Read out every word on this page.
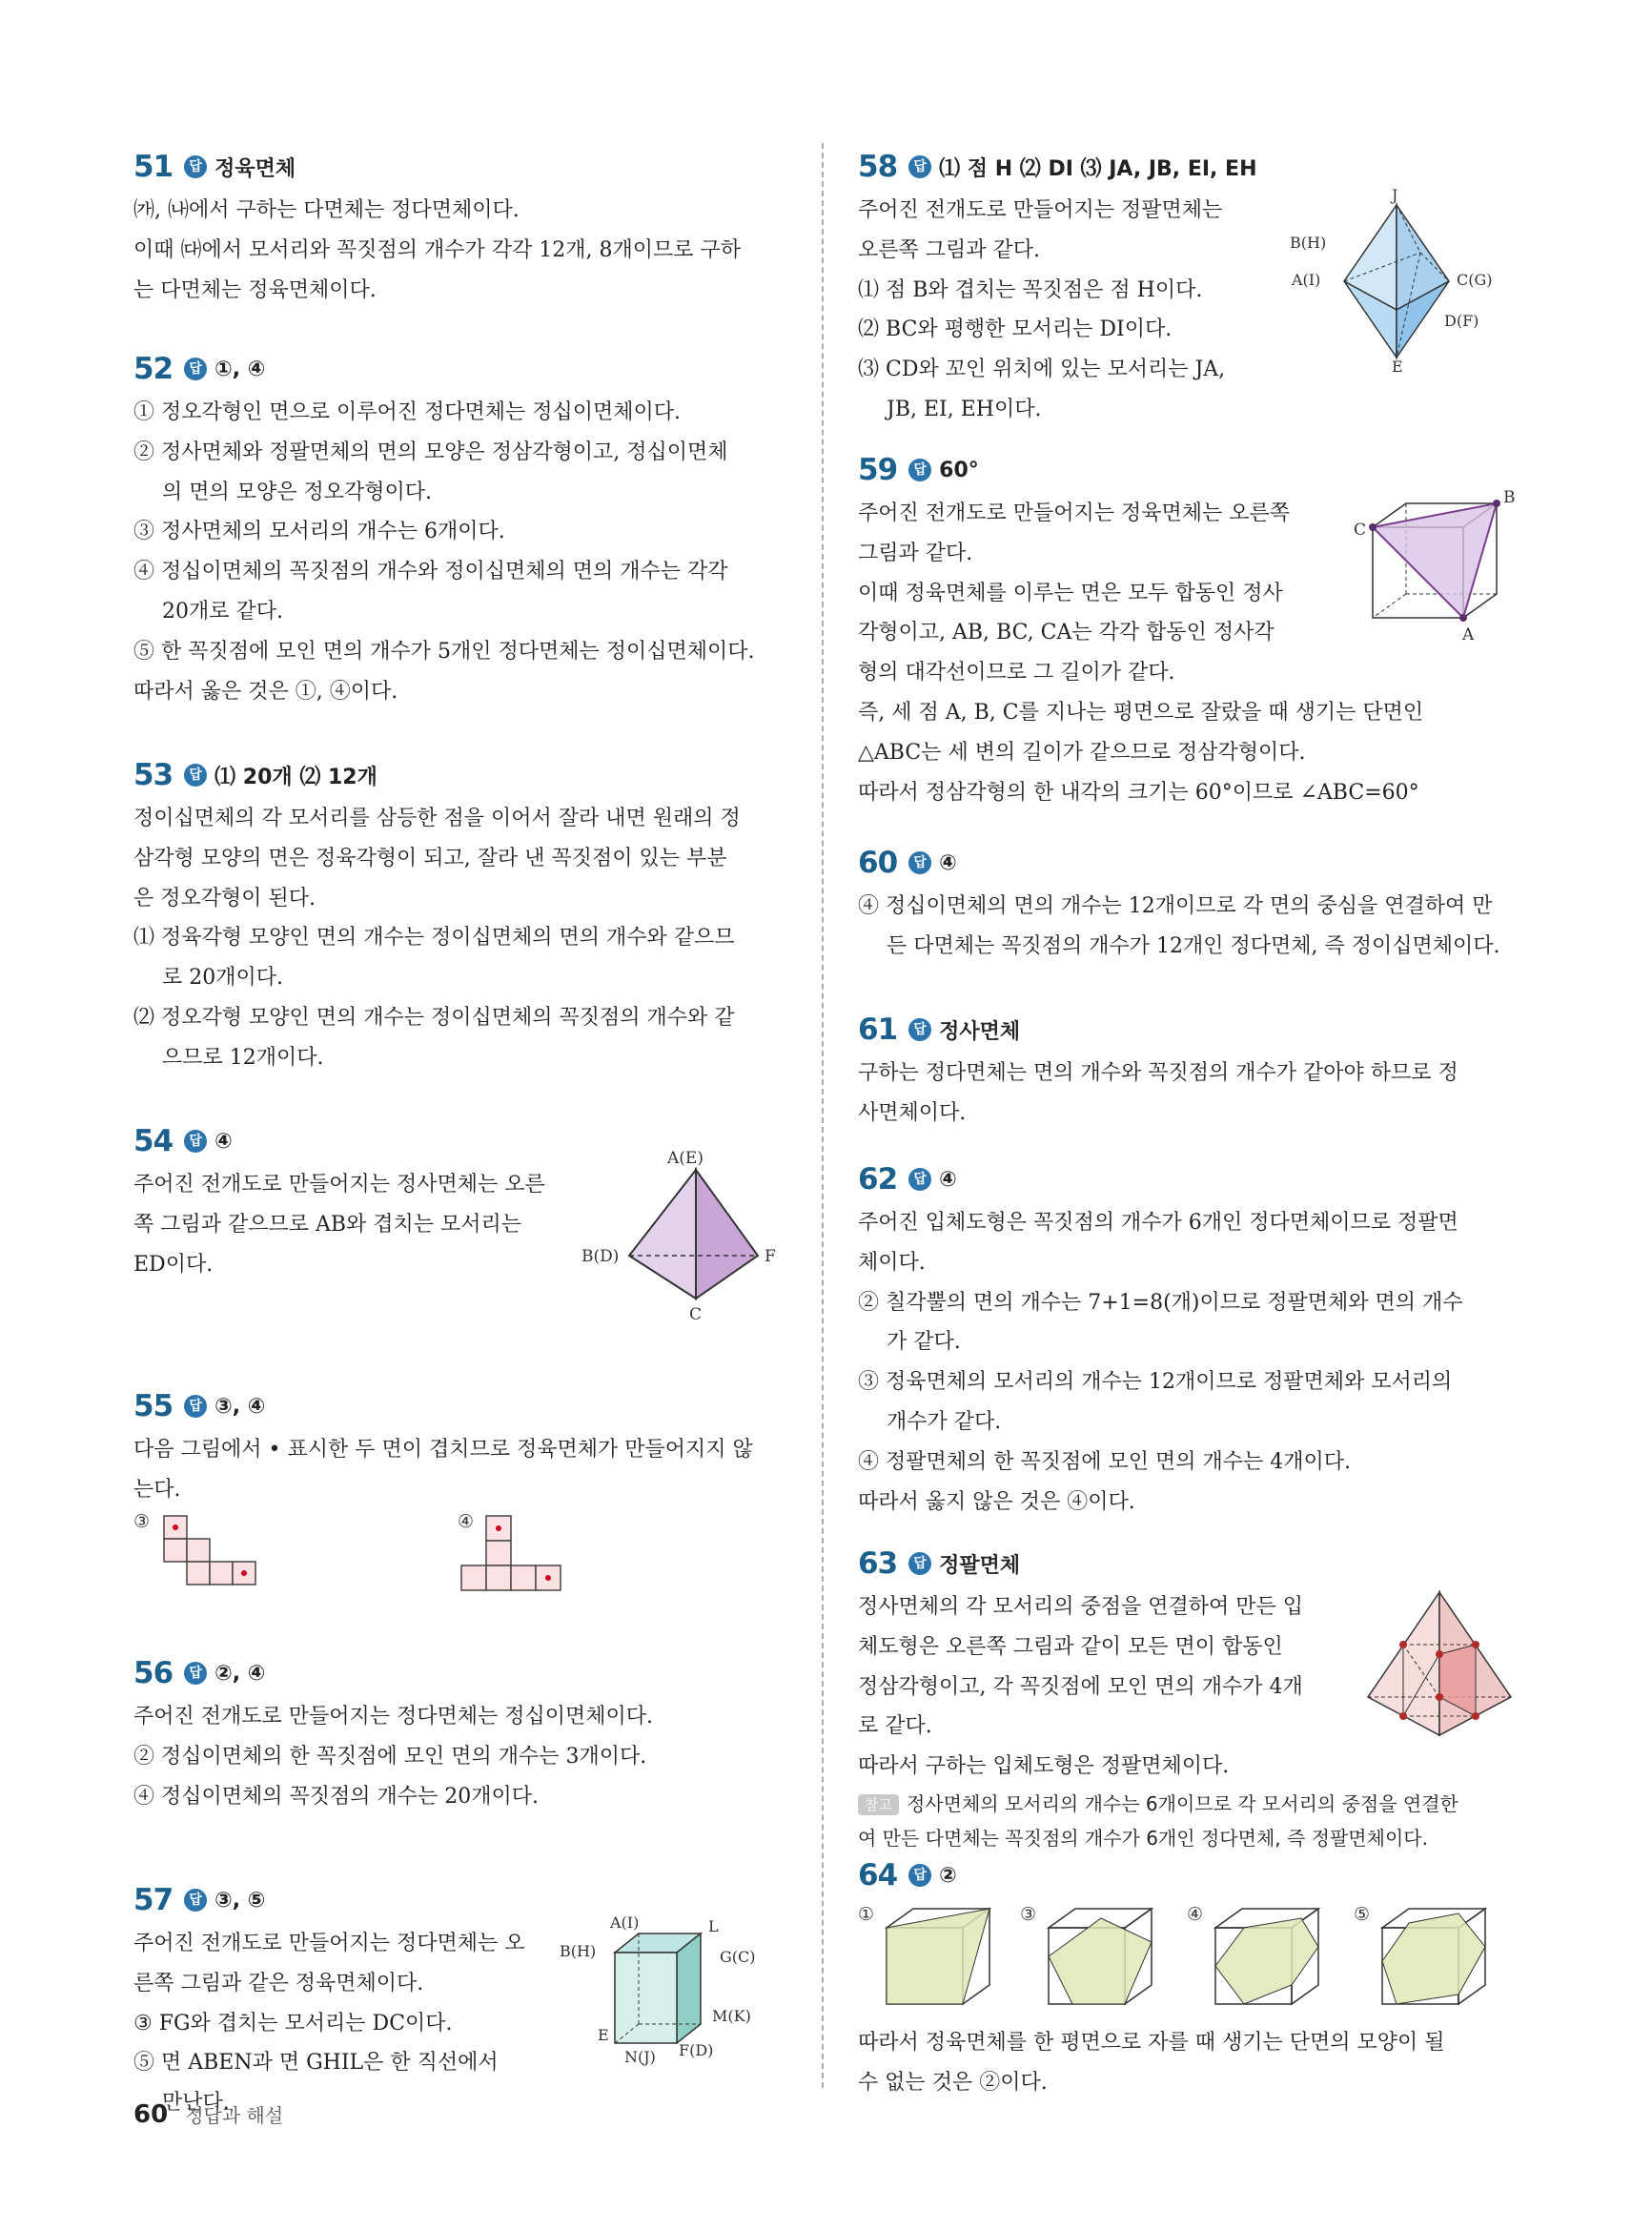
51	답 정육면체
㈎, ㈏에서 구하는 다면체는 정다면체이다.
이때 ㈐에서 모서리와 꼭짓점의 개수가 각각 12개, 8개이므로 구하
는 다면체는 정육면체이다.
52	답 ①, ④
① 정오각형인 면으로 이루어진 정다면체는 정십이면체이다.
② 정사면체와 정팔면체의 면의 모양은 정삼각형이고, 정십이면체
의 면의 모양은 정오각형이다.
③ 정사면체의 모서리의 개수는 6개이다.
④ 정십이면체의 꼭짓점의 개수와 정이십면체의 면의 개수는 각각
20개로 같다.
⑤ 한 꼭짓점에 모인 면의 개수가 5개인 정다면체는 정이십면체이다.
따라서 옳은 것은 ①, ④이다.
53	답 ⑴ 20개 ⑵ 12개
정이십면체의 각 모서리를 삼등한 점을 이어서 잘라 내면 원래의 정
삼각형 모양의 면은 정육각형이 되고, 잘라 낸 꼭짓점이 있는 부분
은 정오각형이 된다.
⑴ 정육각형 모양인 면의 개수는 정이십면체의 면의 개수와 같으므
로 20개이다.
⑵ 정오각형 모양인 면의 개수는 정이십면체의 꼭짓점의 개수와 같
으므로 12개이다.
54	답 ④
주어진 전개도로 만들어지는 정사면체는 오른
쪽 그림과 같으므로 AB와 겹치는 모서리는
ED이다.
A(E)
B(D)	F
C
55	답 ③, ④
다음 그림에서 • 표시한 두 면이 겹치므로 정육면체가 만들어지지 않
는다.
③	④
56	답 ②, ④
주어진 전개도로 만들어지는 정다면체는 정십이면체이다.
② 정십이면체의 한 꼭짓점에 모인 면의 개수는 3개이다.
④ 정십이면체의 꼭짓점의 개수는 20개이다.
57	답 ③, ⑤
주어진 전개도로 만들어지는 정다면체는 오
른쪽 그림과 같은 정육면체이다.
③ FG와 겹치는 모서리는 DC이다.
⑤ 면 ABEN과 면 GHIL은 한 직선에서
만난다.
A(I)	L
B(H)	G(C)
M(K)
E
N(J) F(D)
58	답 ⑴ 점 H ⑵ DI ⑶ JA, JB, EI, EH
주어진 전개도로 만들어지는 정팔면체는
오른쪽 그림과 같다.
⑴ 점 B와 겹치는 꼭짓점은 점 H이다.
⑵ BC와 평행한 모서리는 DI이다.
⑶ CD와 꼬인 위치에 있는 모서리는 JA,
JB, EI, EH이다.
J
B(H)
A(I)	C(G)
D(F)
E
59	답 60°
주어진 전개도로 만들어지는 정육면체는 오른쪽
그림과 같다.
이때 정육면체를 이루는 면은 모두 합동인 정사
각형이고, AB, BC, CA는 각각 합동인 정사각
형의 대각선이므로 그 길이가 같다.
즉, 세 점 A, B, C를 지나는 평면으로 잘랐을 때 생기는 단면인
△ABC는 세 변의 길이가 같으므로 정삼각형이다.
따라서 정삼각형의 한 내각의 크기는 60°이므로 ∠ABC=60°
B
C
A
60	답 ④
④ 정십이면체의 면의 개수는 12개이므로 각 면의 중심을 연결하여 만
든 다면체는 꼭짓점의 개수가 12개인 정다면체, 즉 정이십면체이다.
61	답 정사면체
구하는 정다면체는 면의 개수와 꼭짓점의 개수가 같아야 하므로 정
사면체이다.
62	답 ④
주어진 입체도형은 꼭짓점의 개수가 6개인 정다면체이므로 정팔면
체이다.
② 칠각뿔의 면의 개수는 7+1=8(개)이므로 정팔면체와 면의 개수
가 같다.
③ 정육면체의 모서리의 개수는 12개이므로 정팔면체와 모서리의
개수가 같다.
④ 정팔면체의 한 꼭짓점에 모인 면의 개수는 4개이다.
따라서 옳지 않은 것은 ④이다.
63	답 정팔면체
정사면체의 각 모서리의 중점을 연결하여 만든 입
체도형은 오른쪽 그림과 같이 모든 면이 합동인
정삼각형이고, 각 꼭짓점에 모인 면의 개수가 4개
로 같다.
따라서 구하는 입체도형은 정팔면체이다.
참고 정사면체의 모서리의 개수는 6개이므로 각 모서리의 중점을 연결한
여 만든 다면체는 꼭짓점의 개수가 6개인 정다면체, 즉 정팔면체이다.
64	답 ②
①	③	④	⑤
따라서 정육면체를 한 평면으로 자를 때 생기는 단면의 모양이 될
수 없는 것은 ②이다.
60 정답과 해설
